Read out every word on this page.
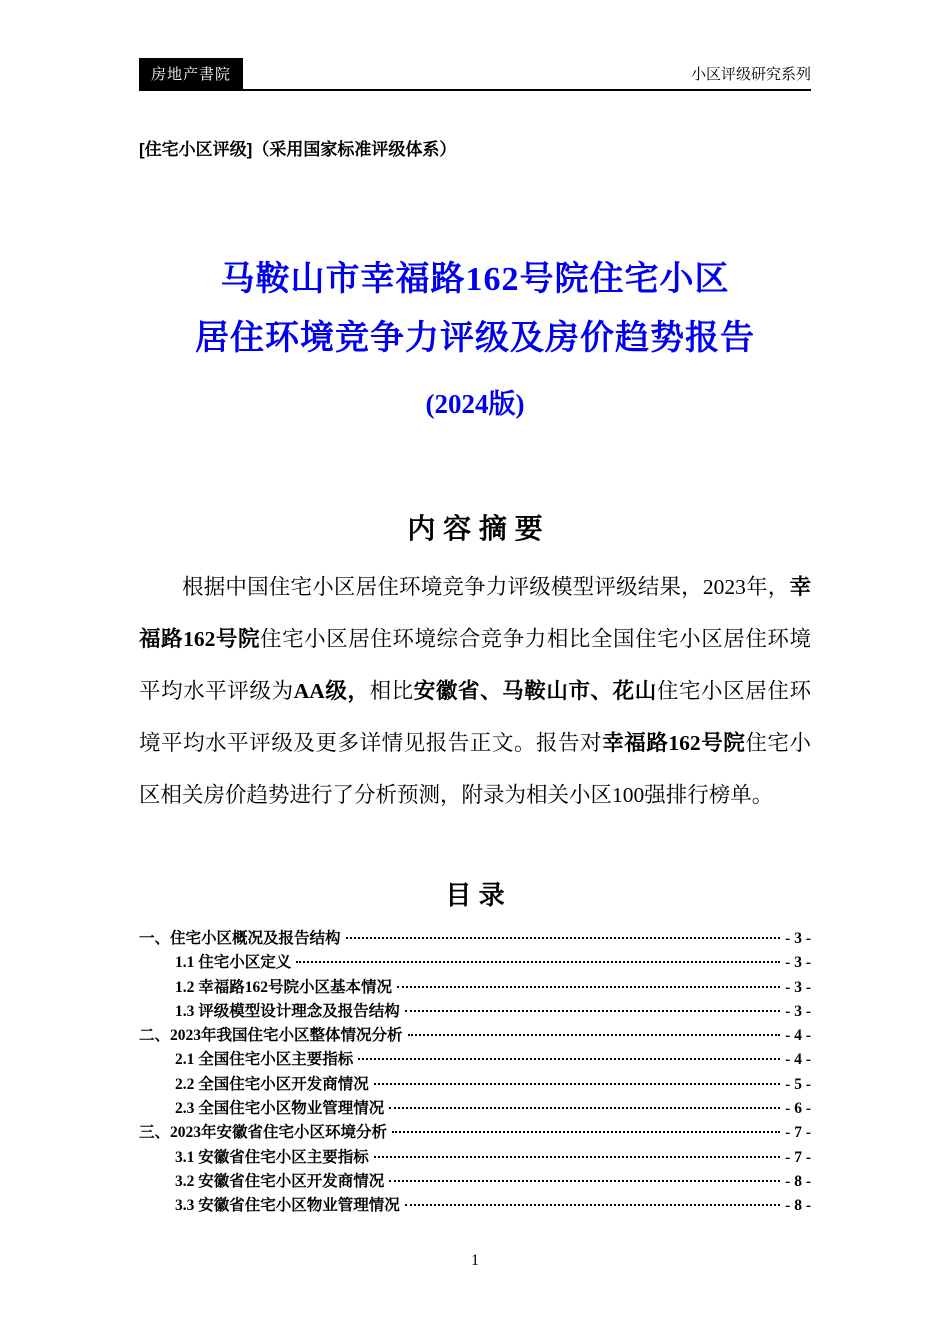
房地产書院	小区评级研究系列
[住宅小区评级]（采用国家标准评级体系）
马鞍山市幸福路162号院住宅小区
居住环境竞争力评级及房价趋势报告
(2024版)
内 容 摘 要

根据中国住宅小区居住环境竞争力评级模型评级结果，2023年，幸福路162号院住宅小区居住环境综合竞争力相比全国住宅小区居住环境平均水平评级为AA级，相比安徽省、马鞍山市、花山住宅小区居住环境平均水平评级及更多详情见报告正文。报告对幸福路162号院住宅小区相关房价趋势进行了分析预测，附录为相关小区100强排行榜单。

目 录
一、住宅小区概况及报告结构	- 3 -
1.1 住宅小区定义	- 3 -
1.2 幸福路162号院小区基本情况	- 3 -
1.3 评级模型设计理念及报告结构	- 3 -
二、2023年我国住宅小区整体情况分析	- 4 -
2.1 全国住宅小区主要指标	- 4 -
2.2 全国住宅小区开发商情况	- 5 -
2.3 全国住宅小区物业管理情况	- 6 -
三、2023年安徽省住宅小区环境分析	- 7 -
3.1 安徽省住宅小区主要指标	- 7 -
3.2 安徽省住宅小区开发商情况	- 8 -
3.3 安徽省住宅小区物业管理情况	- 8 -
1
